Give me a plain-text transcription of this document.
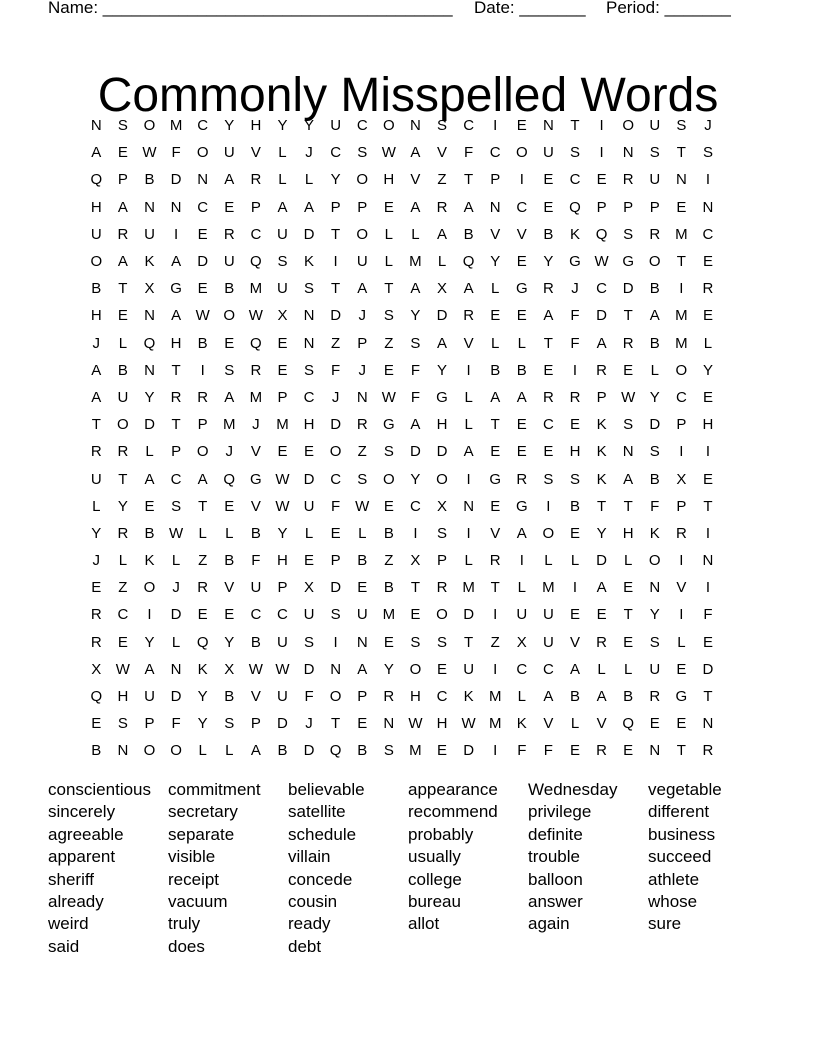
Name: _____________________________________ Date: _______ Period: _______
Commonly Misspelled Words
N	S	O M C	Y	H	Y	Y	U	C	O	N	S	C	I	E	N	T	I	O	U	S	J
A	E W F	O	U	V	L	J	C	S W A	V	F	C	O	U	S	I	N	S	T	S
Q	P	B	D	N	A	R	L	L	Y	O	H	V	Z	T	P	I	E	C	E	R	U	N	I
H	A	N	N	C	E	P	A	A	P	P	E	A	R	A	N	C	E	Q	P	P	P	E	N
U	R	U	I	E	R	C	U	D	T	O	L	L	A	B	V	V	B	K	Q	S	R M C
O	A	K	A	D	U	Q	S	K	I	U	L	M	L	Q	Y	E	Y	G W G O	T	E
B	T	X	G	E	B	M U	S	T	A	T	A	X	A	L	G	R	J	C	D	B	I	R
H	E	N	A W O W X	N	D	J	S	Y	D	R	E	E	A	F	D	T	A	M	E
J	L	Q	H	B	E	Q	E	N	Z	P	Z	S	A	V	L	L	T	F	A	R	B	M	L
A	B	N	T	I	S	R	E	S	F	J	E	F	Y	I	B	B	E	I	R	E	L	O	Y
A	U	Y	R	R	A	M	P	C	J	N W F	G	L	A	A	R	R	P W Y	C	E
T	O	D	T	P	M	J	M H	D	R	G	A	H	L	T	E	C	E	K	S	D	P	H
R	R	L	P	O	J	V	E	E	O	Z	S	D	D	A	E	E	E	H	K	N	S	I	I
U	T	A	C	A	Q G W D	C	S	O	Y	O	I	G	R	S	S	K	A	B	X	E
L	Y	E	S	T	E	V W U	F W E	C	X	N	E	G	I	B	T	T	F	P	T
Y	R	B W	L	L	B	Y	L	E	L	B	I	S	I	V	A	O	E	Y	H	K	R	I
J	L	K	L	Z	B	F	H	E	P	B	Z	X	P	L	R	I	L	L	D	L	O	I	N
E	Z	O	J	R	V	U	P	X	D	E	B	T	R M	T	L	M	I	A	E	N	V	I
R	C	I	D	E	E	C	C	U	S	U M	E	O	D	I	U	U	E	E	T	Y	I	F
R	E	Y	L	Q	Y	B	U	S	I	N	E	S	S	T	Z	X	U	V	R	E	S	L	E
X W A	N	K	X W W D	N	A	Y	O	E	U	I	C	C	A	L	L	U	E	D
Q	H	U	D	Y	B	V	U	F	O	P	R	H	C	K	M	L	A	B	A	B	R	G	T
E	S	P	F	Y	S	P	D	J	T	E	N W H W M	K	V	L	V	Q	E	E	N
B	N	O O	L	L	A	B	D	Q	B	S	M	E	D	I	F	F	E	R	E	N	T	R
conscientious
sincerely
agreeable
apparent
sheriff
already
weird
said
commitment
secretary
separate
visible
receipt
vacuum
truly
does
believable
satellite
schedule
villain
concede
cousin
ready
debt
appearance
recommend
probably
usually
college
bureau
allot
Wednesday
privilege
definite
trouble
balloon
answer
again
vegetable
different
business
succeed
athlete
whose
sure
